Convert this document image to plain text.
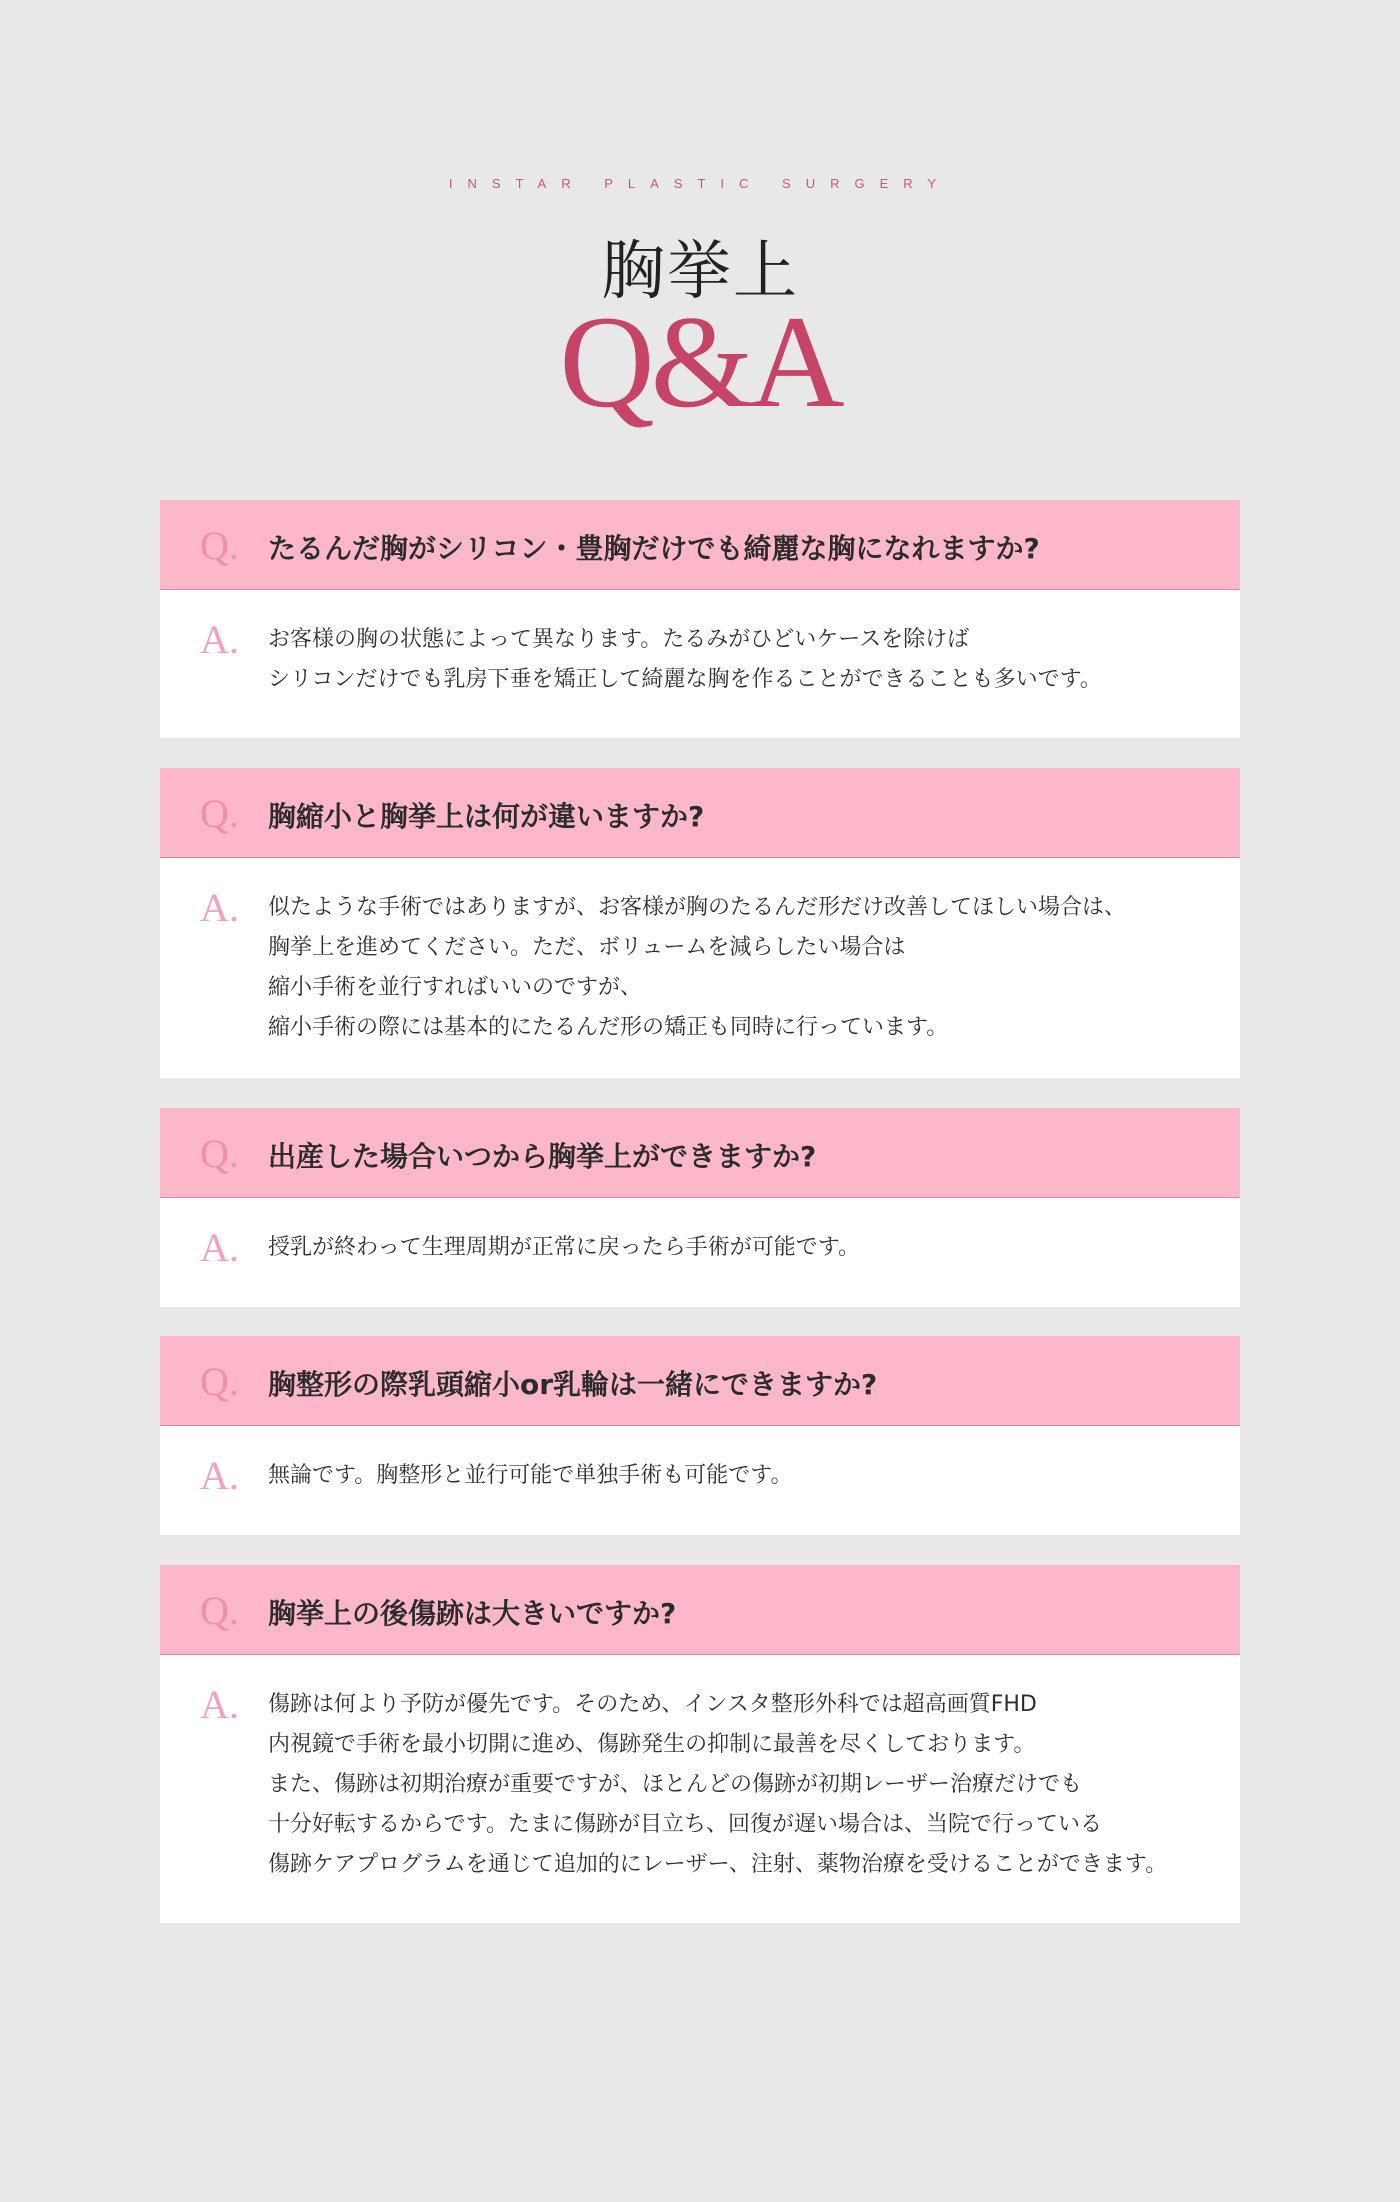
INSTAR PLASTIC SURGERY
胸挙上
Q&A
Q. たるんだ胸がシリコン・豊胸だけでも綺麗な胸になれますか?
A. お客様の胸の状態によって異なります。たるみがひどいケースを除けば
シリコンだけでも乳房下垂を矯正して綺麗な胸を作ることができることも多いです。
Q. 胸縮小と胸挙上は何が違いますか?
A. 似たような手術ではありますが、お客様が胸のたるんだ形だけ改善してほしい場合は、
胸挙上を進めてください。ただ、ボリュームを減らしたい場合は
縮小手術を並行すればいいのですが、
縮小手術の際には基本的にたるんだ形の矯正も同時に行っています。
Q. 出産した場合いつから胸挙上ができますか?
A. 授乳が終わって生理周期が正常に戻ったら手術が可能です。
Q. 胸整形の際乳頭縮小or乳輪は一緒にできますか?
A. 無論です。胸整形と並行可能で単独手術も可能です。
Q. 胸挙上の後傷跡は大きいですか?
A. 傷跡は何より予防が優先です。そのため、インスタ整形外科では超高画質FHD
内視鏡で手術を最小切開に進め、傷跡発生の抑制に最善を尽くしております。
また、傷跡は初期治療が重要ですが、ほとんどの傷跡が初期レーザー治療だけでも
十分好転するからです。たまに傷跡が目立ち、回復が遅い場合は、当院で行っている
傷跡ケアプログラムを通じて追加的にレーザー、注射、薬物治療を受けることができます。
